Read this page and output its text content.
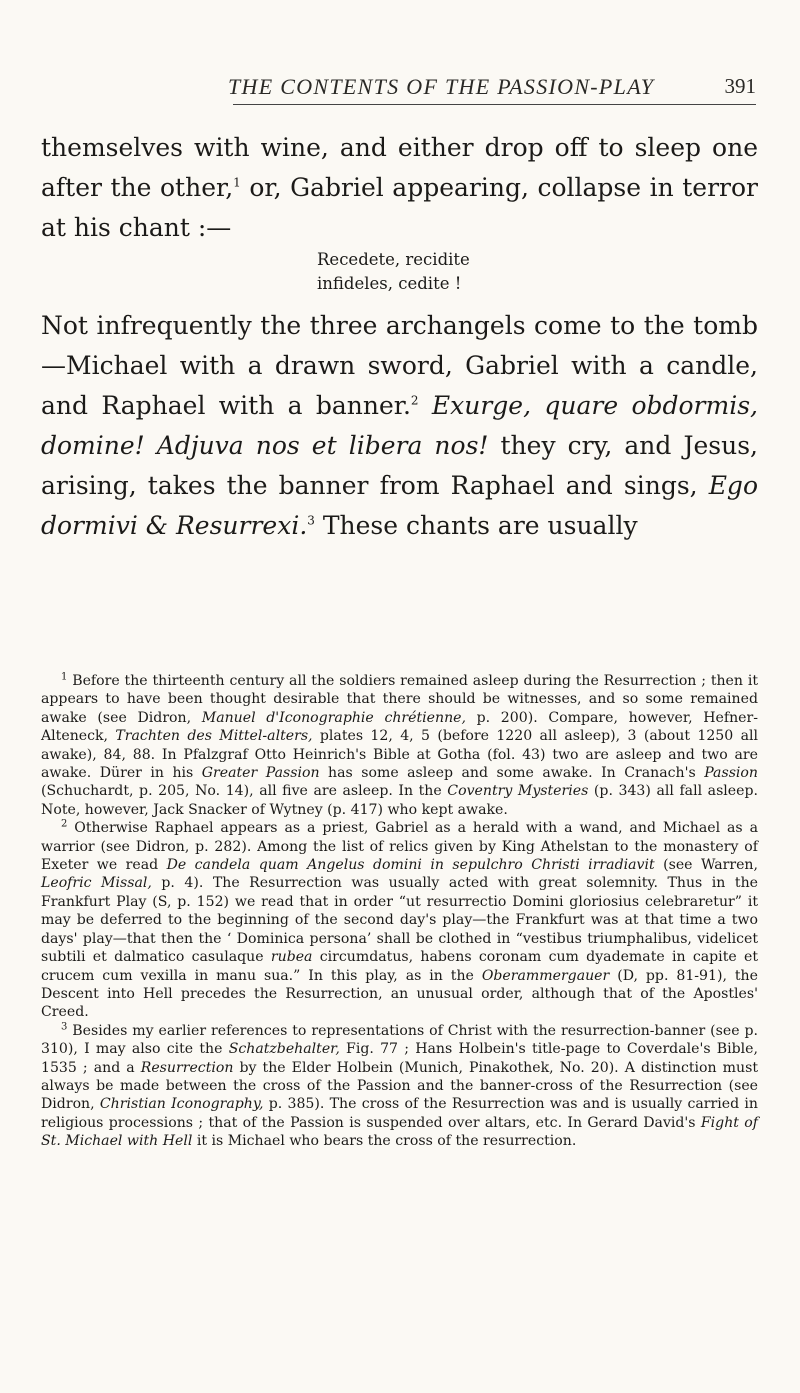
THE CONTENTS OF THE PASSION-PLAY	391

themselves with wine, and either drop off to sleep one after the other,$^1$ or, Gabriel appearing, collapse in terror at his chant :—

Recedete, recidite

infideles, cedite !

Not infrequently the three archangels come to the tomb —Michael with a drawn sword, Gabriel with a candle, and Raphael with a banner.$^2$ Exurge, quare obdormis, domine! Adjuva nos et libera nos! they cry, and Jesus, arising, takes the banner from Raphael and sings, Ego dormivi & Resurrexi.$^3$ These chants are usually

$^1$ Before the thirteenth century all the soldiers remained asleep during the Resurrection ; then it appears to have been thought desirable that there should be witnesses, and so some remained awake (see Didron, Manuel d'Iconographie chrétienne, p. 200). Compare, however, Hefner-Alteneck, Trachten des Mittel-alters, plates 12, 4, 5 (before 1220 all asleep), 3 (about 1250 all awake), 84, 88. In Pfalzgraf Otto Heinrich's Bible at Gotha (fol. 43) two are asleep and two are awake. Dürer in his Greater Passion has some asleep and some awake. In Cranach's Passion (Schuchardt, p. 205, No. 14), all five are asleep. In the Coventry Mysteries (p. 343) all fall asleep. Note, however, Jack Snacker of Wytney (p. 417) who kept awake.

$^2$ Otherwise Raphael appears as a priest, Gabriel as a herald with a wand, and Michael as a warrior (see Didron, p. 282). Among the list of relics given by King Athelstan to the monastery of Exeter we read De candela quam Angelus domini in sepulchro Christi irradiavit (see Warren, Leofric Missal, p. 4). The Resurrection was usually acted with great solemnity. Thus in the Frankfurt Play (S, p. 152) we read that in order “ut resurrectio Domini gloriosius celebraretur” it may be deferred to the beginning of the second day's play—the Frankfurt was at that time a two days' play—that then the ‘ Dominica persona’ shall be clothed in “vestibus triumphalibus, videlicet subtili et dalmatico casulaque rubea circumdatus, habens coronam cum dyademate in capite et crucem cum vexilla in manu sua.” In this play, as in the Oberammergauer (D, pp. 81-91), the Descent into Hell precedes the Resurrection, an unusual order, although that of the Apostles' Creed.

$^3$ Besides my earlier references to representations of Christ with the resurrection-banner (see p. 310), I may also cite the Schatzbehalter, Fig. 77 ; Hans Holbein's title-page to Coverdale's Bible, 1535 ; and a Resurrection by the Elder Holbein (Munich, Pinakothek, No. 20). A distinction must always be made between the cross of the Passion and the banner-cross of the Resurrection (see Didron, Christian Iconography, p. 385). The cross of the Resurrection was and is usually carried in religious processions ; that of the Passion is suspended over altars, etc. In Gerard David's Fight of St. Michael with Hell it is Michael who bears the cross of the resurrection.
